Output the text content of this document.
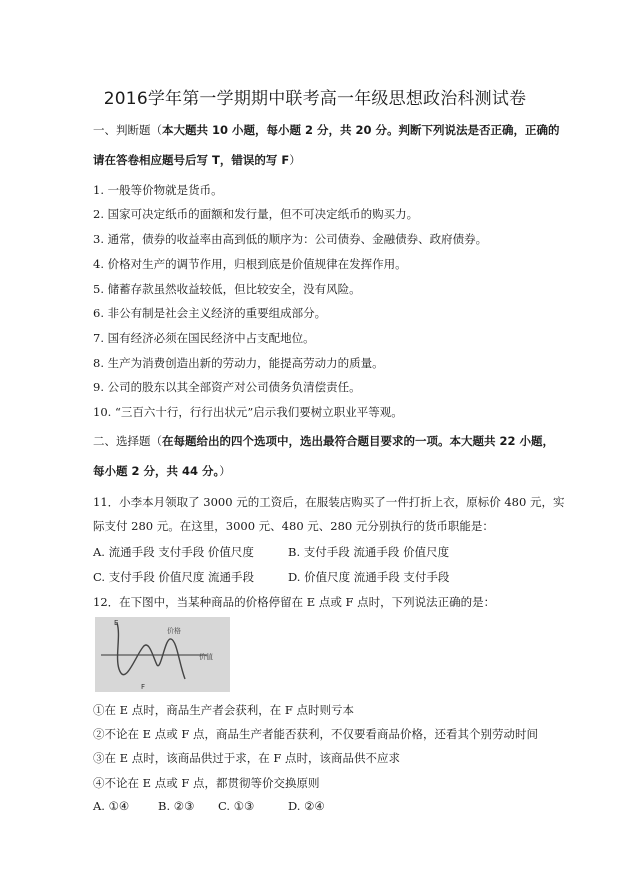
2016学年第一学期期中联考高一年级思想政治科测试卷
一、判断题（本大题共 10 小题，每小题 2 分，共 20 分。判断下列说法是否正确，正确的
请在答卷相应题号后写 T，错误的写 F）
1. 一般等价物就是货币。
2. 国家可决定纸币的面额和发行量，但不可决定纸币的购买力。
3. 通常，债券的收益率由高到低的顺序为：公司债券、金融债券、政府债券。
4. 价格对生产的调节作用，归根到底是价值规律在发挥作用。
5. 储蓄存款虽然收益较低，但比较安全，没有风险。
6. 非公有制是社会主义经济的重要组成部分。
7. 国有经济必须在国民经济中占支配地位。
8. 生产为消费创造出新的劳动力，能提高劳动力的质量。
9. 公司的股东以其全部资产对公司债务负清偿责任。
10. “三百六十行，行行出状元”启示我们要树立职业平等观。
二、选择题（在每题给出的四个选项中，选出最符合题目要求的一项。本大题共 22 小题，
每小题 2 分，共 44 分。）
11．小李本月领取了 3000 元的工资后，在服装店购买了一件打折上衣，原标价 480 元，实
际支付 280 元。在这里，3000 元、480 元、280 元分别执行的货币职能是：
A. 流通手段 支付手段 价值尺度	B. 支付手段 流通手段 价值尺度
C. 支付手段 价值尺度 流通手段	D. 价值尺度 流通手段 支付手段
12．在下图中，当某种商品的价格停留在 E 点或 F 点时，下列说法正确的是：
价格
价值
E
F
①在 E 点时，商品生产者会获利，在 F 点时则亏本
②不论在 E 点或 F 点，商品生产者能否获利，不仅要看商品价格，还看其个别劳动时间
③在 E 点时，该商品供过于求，在 F 点时，该商品供不应求
④不论在 E 点或 F 点，都贯彻等价交换原则
A. ①④	B. ②③ C. ①③	D. ②④
